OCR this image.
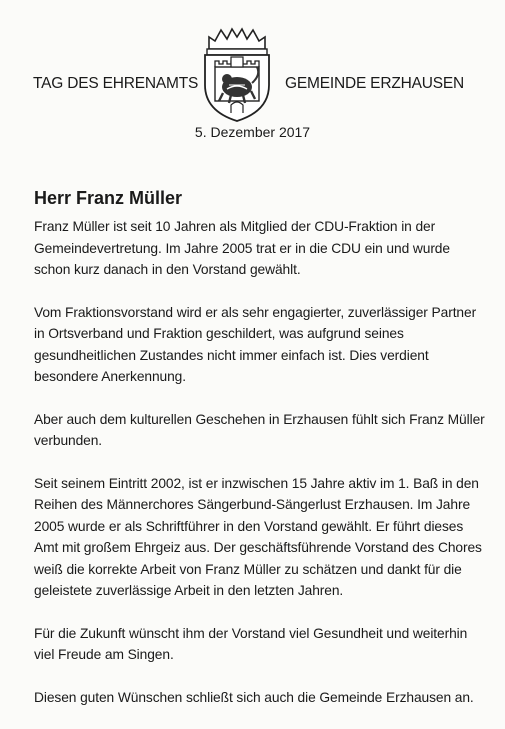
TAG DES EHRENAMTS	GEMEINDE ERZHAUSEN
5. Dezember 2017
Herr Franz Müller

Franz Müller ist seit 10 Jahren als Mitglied der CDU-Fraktion in der
Gemeindevertretung. Im Jahre 2005 trat er in die CDU ein und wurde
schon kurz danach in den Vorstand gewählt.

Vom Fraktionsvorstand wird er als sehr engagierter, zuverlässiger Partner
in Ortsverband und Fraktion geschildert, was aufgrund seines
gesundheitlichen Zustandes nicht immer einfach ist. Dies verdient
besondere Anerkennung.

Aber auch dem kulturellen Geschehen in Erzhausen fühlt sich Franz Müller
verbunden.

Seit seinem Eintritt 2002, ist er inzwischen 15 Jahre aktiv im 1. Baß in den
Reihen des Männerchores Sängerbund-Sängerlust Erzhausen. Im Jahre
2005 wurde er als Schriftführer in den Vorstand gewählt. Er führt dieses
Amt mit großem Ehrgeiz aus. Der geschäftsführende Vorstand des Chores
weiß die korrekte Arbeit von Franz Müller zu schätzen und dankt für die
geleistete zuverlässige Arbeit in den letzten Jahren.

Für die Zukunft wünscht ihm der Vorstand viel Gesundheit und weiterhin
viel Freude am Singen.

Diesen guten Wünschen schließt sich auch die Gemeinde Erzhausen an.
